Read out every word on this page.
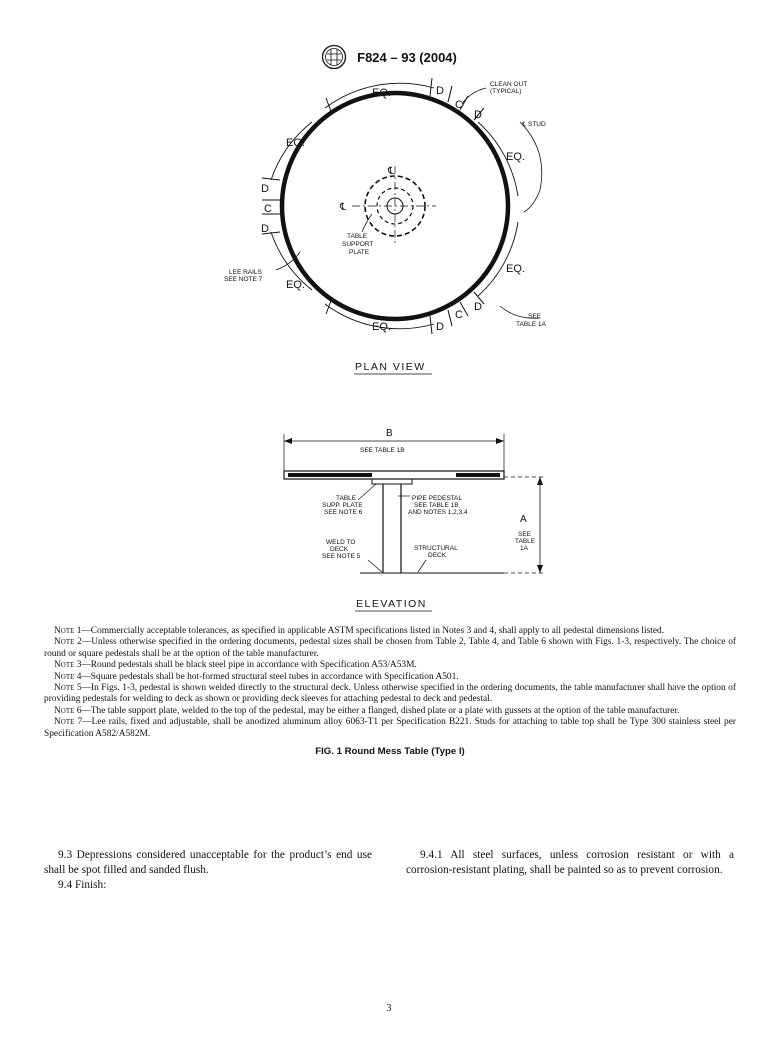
F824 – 93 (2004)
EQ.
EQ.
EQ.
EQ.
EQ.
EQ.
D
C
D
D
C
D
D
C
D
℄
℄
CLEAN OUT
(TYPICAL)
℄ STUD
TABLE
SUPPORT
PLATE
LEE RAILS
SEE NOTE 7
SEE
TABLE 1A
PLAN VIEW
B
SEE TABLE 1B
A
SEE
TABLE
1A
TABLE
SUPP. PLATE
SEE NOTE 6
PIPE PEDESTAL
SEE TABLE 1B
AND NOTES 1,2,3,4
WELD TO
DECK
SEE NOTE 5
STRUCTURAL
DECK
ELEVATION

Note 1—Commercially acceptable tolerances, as specified in applicable ASTM specifications listed in Notes 3 and 4, shall apply to all pedestal dimensions listed.

Note 2—Unless otherwise specified in the ordering documents, pedestal sizes shall be chosen from Table 2, Table 4, and Table 6 shown with Figs. 1-3, respectively. The choice of round or square pedestals shall be at the option of the table manufacturer.

Note 3—Round pedestals shall be black steel pipe in accordance with Specification A53/A53M.

Note 4—Square pedestals shall be hot-formed structural steel tubes in accordance with Specification A501.

Note 5—In Figs. 1-3, pedestal is shown welded directly to the structural deck. Unless otherwise specified in the ordering documents, the table manufacturer shall have the option of providing pedestals for welding to deck as shown or providing deck sleeves for attaching pedestal to deck and pedestal.

Note 6—The table support plate, welded to the top of the pedestal, may be either a flanged, dished plate or a plate with gussets at the option of the table manufacturer.

Note 7—Lee rails, fixed and adjustable, shall be anodized aluminum alloy 6063-T1 per Specification B221. Studs for attaching to table top shall be Type 300 stainless steel per Specification A582/A582M.

FIG. 1 Round Mess Table (Type I)

9.3 Depressions considered unacceptable for the product’s end use shall be spot filled and sanded flush.

9.4 Finish:

9.4.1 All steel surfaces, unless corrosion resistant or with a corrosion-resistant plating, shall be painted so as to prevent corrosion.

3
